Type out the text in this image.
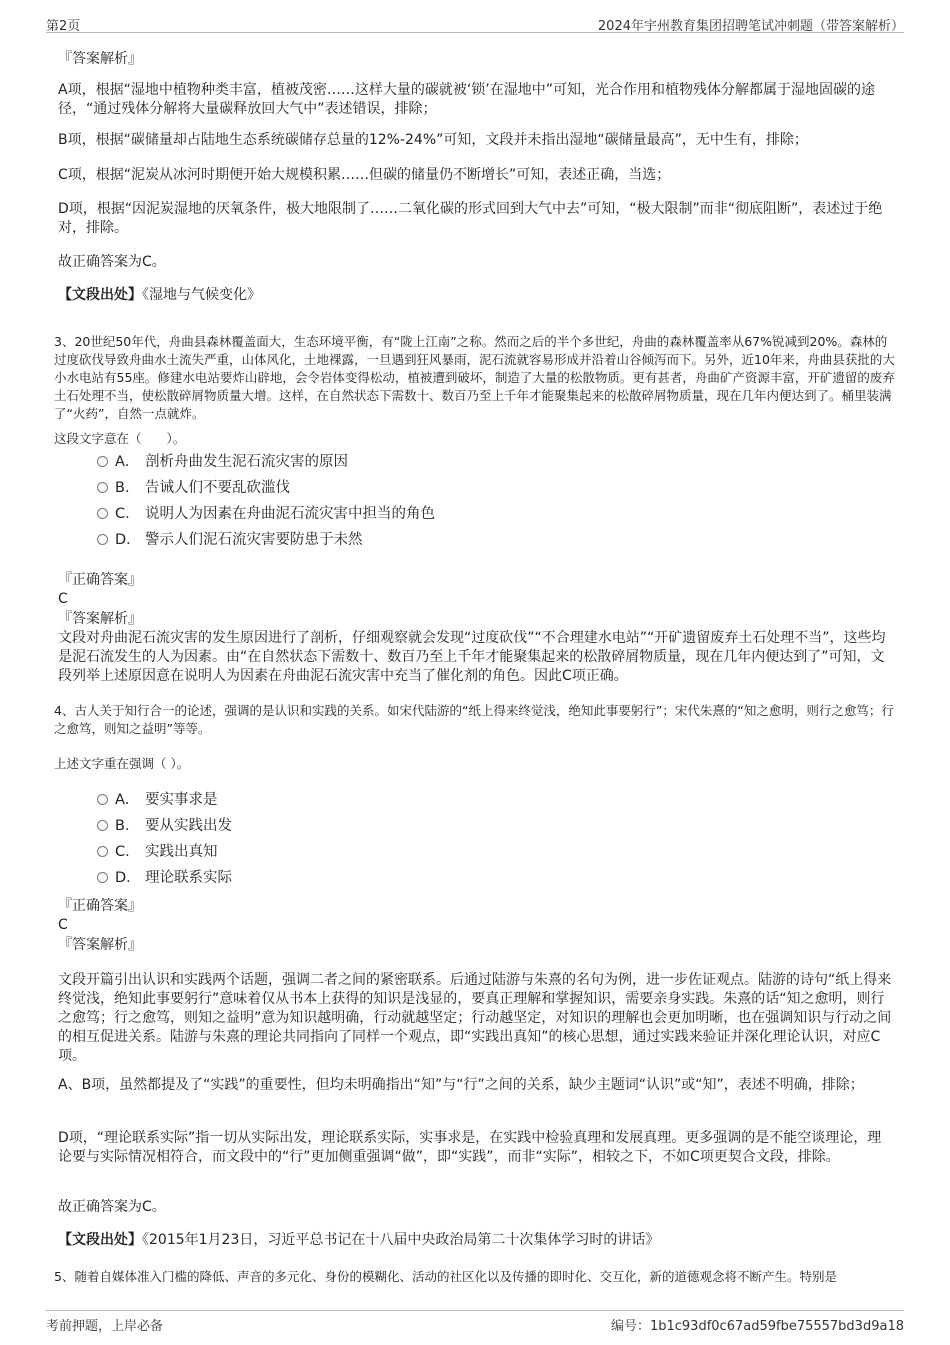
第2页	2024年宇州教育集团招聘笔试冲刺题（带答案解析）

『答案解析』

A项，根据“湿地中植物种类丰富，植被茂密……这样大量的碳就被‘锁’在湿地中”可知，光合作用和植物残体分解都属于湿地固碳的途径，“通过残体分解将大量碳释放回大气中”表述错误，排除；

B项，根据“碳储量却占陆地生态系统碳储存总量的12%-24%”可知，文段并未指出湿地“碳储量最高”，无中生有，排除；

C项，根据“泥炭从冰河时期便开始大规模积累……但碳的储量仍不断增长”可知，表述正确，当选；

D项，根据“因泥炭湿地的厌氧条件，极大地限制了……二氧化碳的形式回到大气中去”可知，“极大限制”而非“彻底阻断”，表述过于绝对，排除。

故正确答案为C。

【文段出处】《湿地与气候变化》

3、20世纪50年代，舟曲县森林覆盖面大，生态环境平衡，有“陇上江南”之称。然而之后的半个多世纪，舟曲的森林覆盖率从67%锐减到20%。森林的过度砍伐导致舟曲水土流失严重，山体风化，土地裸露，一旦遇到狂风暴雨，泥石流就容易形成并沿着山谷倾泻而下。另外，近10年来，舟曲县获批的大小水电站有55座。修建水电站要炸山辟地，会令岩体变得松动，植被遭到破坏，制造了大量的松散物质。更有甚者，舟曲矿产资源丰富，开矿遗留的废弃土石处理不当，使松散碎屑物质量大增。这样，在自然状态下需数十、数百乃至上千年才能聚集起来的松散碎屑物质量，现在几年内便达到了。桶里装满了“火药”，自然一点就炸。

这段文字意在（　　）。

A． 剖析舟曲发生泥石流灾害的原因
B． 告诫人们不要乱砍滥伐
C． 说明人为因素在舟曲泥石流灾害中担当的角色
D． 警示人们泥石流灾害要防患于未然

『正确答案』

C

『答案解析』

文段对舟曲泥石流灾害的发生原因进行了剖析，仔细观察就会发现“过度砍伐”“不合理建水电站”“开矿遗留废弃土石处理不当”，这些均是泥石流发生的人为因素。由“在自然状态下需数十、数百乃至上千年才能聚集起来的松散碎屑物质量，现在几年内便达到了”可知，文段列举上述原因意在说明人为因素在舟曲泥石流灾害中充当了催化剂的角色。因此C项正确。

4、古人关于知行合一的论述，强调的是认识和实践的关系。如宋代陆游的“纸上得来终觉浅，绝知此事要躬行”；宋代朱熹的“知之愈明，则行之愈笃；行之愈笃，则知之益明”等等。

上述文字重在强调（ ）。

A． 要实事求是
B． 要从实践出发
C． 实践出真知
D． 理论联系实际

『正确答案』

C

『答案解析』

文段开篇引出认识和实践两个话题，强调二者之间的紧密联系。后通过陆游与朱熹的名句为例，进一步佐证观点。陆游的诗句“纸上得来终觉浅，绝知此事要躬行”意味着仅从书本上获得的知识是浅显的，要真正理解和掌握知识，需要亲身实践。朱熹的话“知之愈明，则行之愈笃；行之愈笃，则知之益明”意为知识越明确，行动就越坚定；行动越坚定，对知识的理解也会更加明晰，也在强调知识与行动之间的相互促进关系。陆游与朱熹的理论共同指向了同样一个观点，即“实践出真知”的核心思想，通过实践来验证并深化理论认识，对应C项。

A、B项，虽然都提及了“实践”的重要性，但均未明确指出“知”与“行”之间的关系，缺少主题词“认识”或“知”，表述不明确，排除；

D项，“理论联系实际”指一切从实际出发，理论联系实际，实事求是，在实践中检验真理和发展真理。更多强调的是不能空谈理论，理论要与实际情况相符合，而文段中的“行”更加侧重强调“做”，即“实践”，而非“实际”，相较之下，不如C项更契合文段，排除。

故正确答案为C。

【文段出处】《2015年1月23日，习近平总书记在十八届中央政治局第二十次集体学习时的讲话》

5、随着自媒体准入门槛的降低、声音的多元化、身份的模糊化、活动的社区化以及传播的即时化、交互化，新的道德观念将不断产生。特别是

考前押题，上岸必备	编号：1b1c93df0c67ad59fbe75557bd3d9a18
